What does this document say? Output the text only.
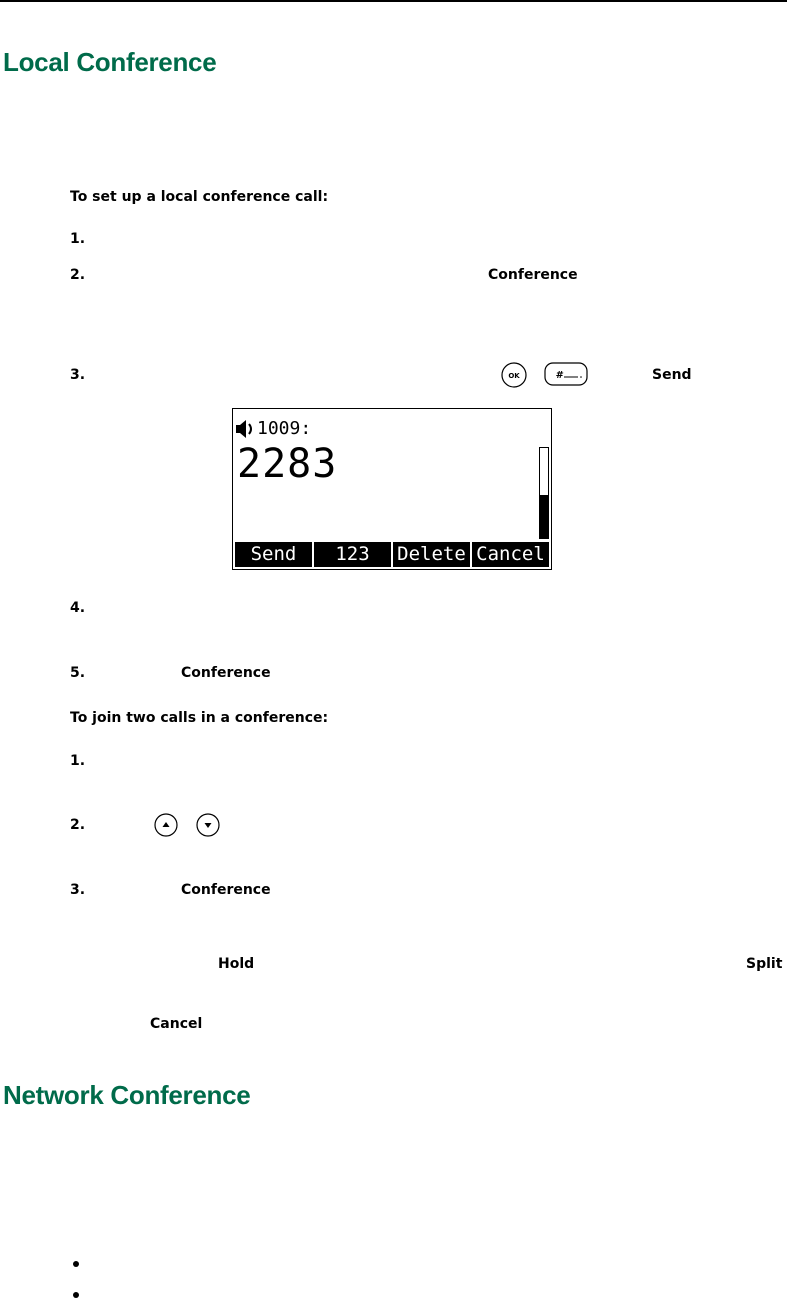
Local Conference
To set up a local conference call:
1.
2.	Conference
3.	OK	#	Send
1009:
2283
Send	123	Delete Cancel
4.
5.	Conference
To join two calls in a conference:
1.
2.
3.	Conference
Hold	Split
Cancel
Network Conference
